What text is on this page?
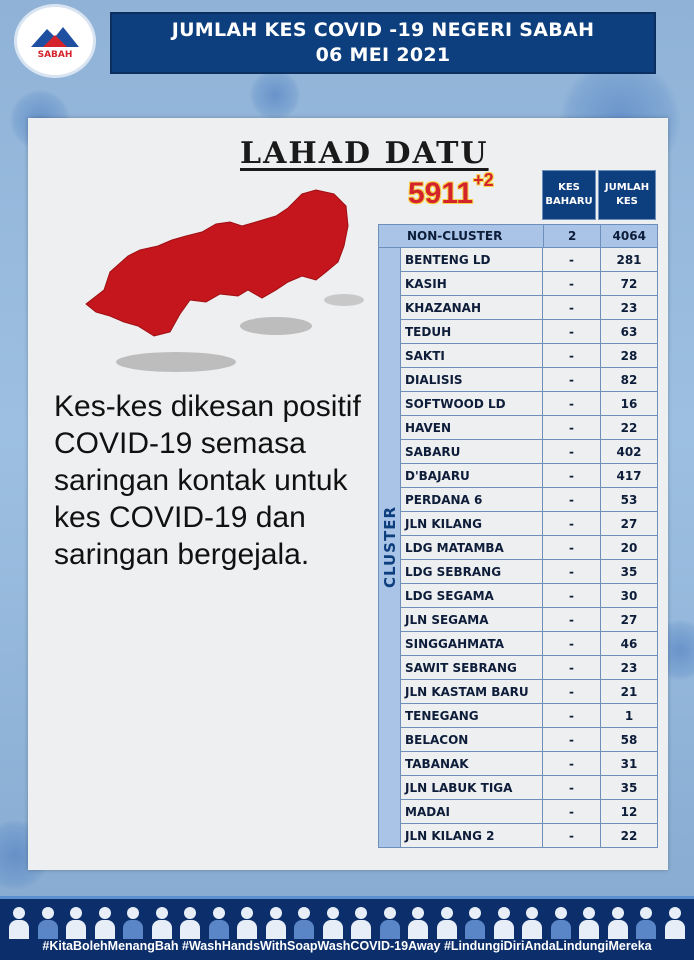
SABAH
JUMLAH KES COVID -19 NEGERI SABAH
06 MEI 2021
LAHAD DATU
$5911^{+2}$
Kes-kes dikesan positif COVID-19 semasa saringan kontak untuk kes COVID-19 dan saringan bergejala.
KES BAHARU
JUMLAH KES
NON-CLUSTER	2	4064
CLUSTER
BENTENG LD	-	281
KASIH	-	72
KHAZANAH	-	23
TEDUH	-	63
SAKTI	-	28
DIALISIS	-	82
SOFTWOOD LD	-	16
HAVEN	-	22
SABARU	-	402
D'BAJARU	-	417
PERDANA 6	-	53
JLN KILANG	-	27
LDG MATAMBA	-	20
LDG SEBRANG	-	35
LDG SEGAMA	-	30
JLN SEGAMA	-	27
SINGGAHMATA	-	46
SAWIT SEBRANG	-	23
JLN KASTAM BARU	-	21
TENEGANG	-	1
BELACON	-	58
TABANAK	-	31
JLN LABUK TIGA	-	35
MADAI	-	12
JLN KILANG 2	-	22
#KitaBolehMenangBah #WashHandsWithSoapWashCOVID-19Away #LindungiDiriAndaLindungiMereka
